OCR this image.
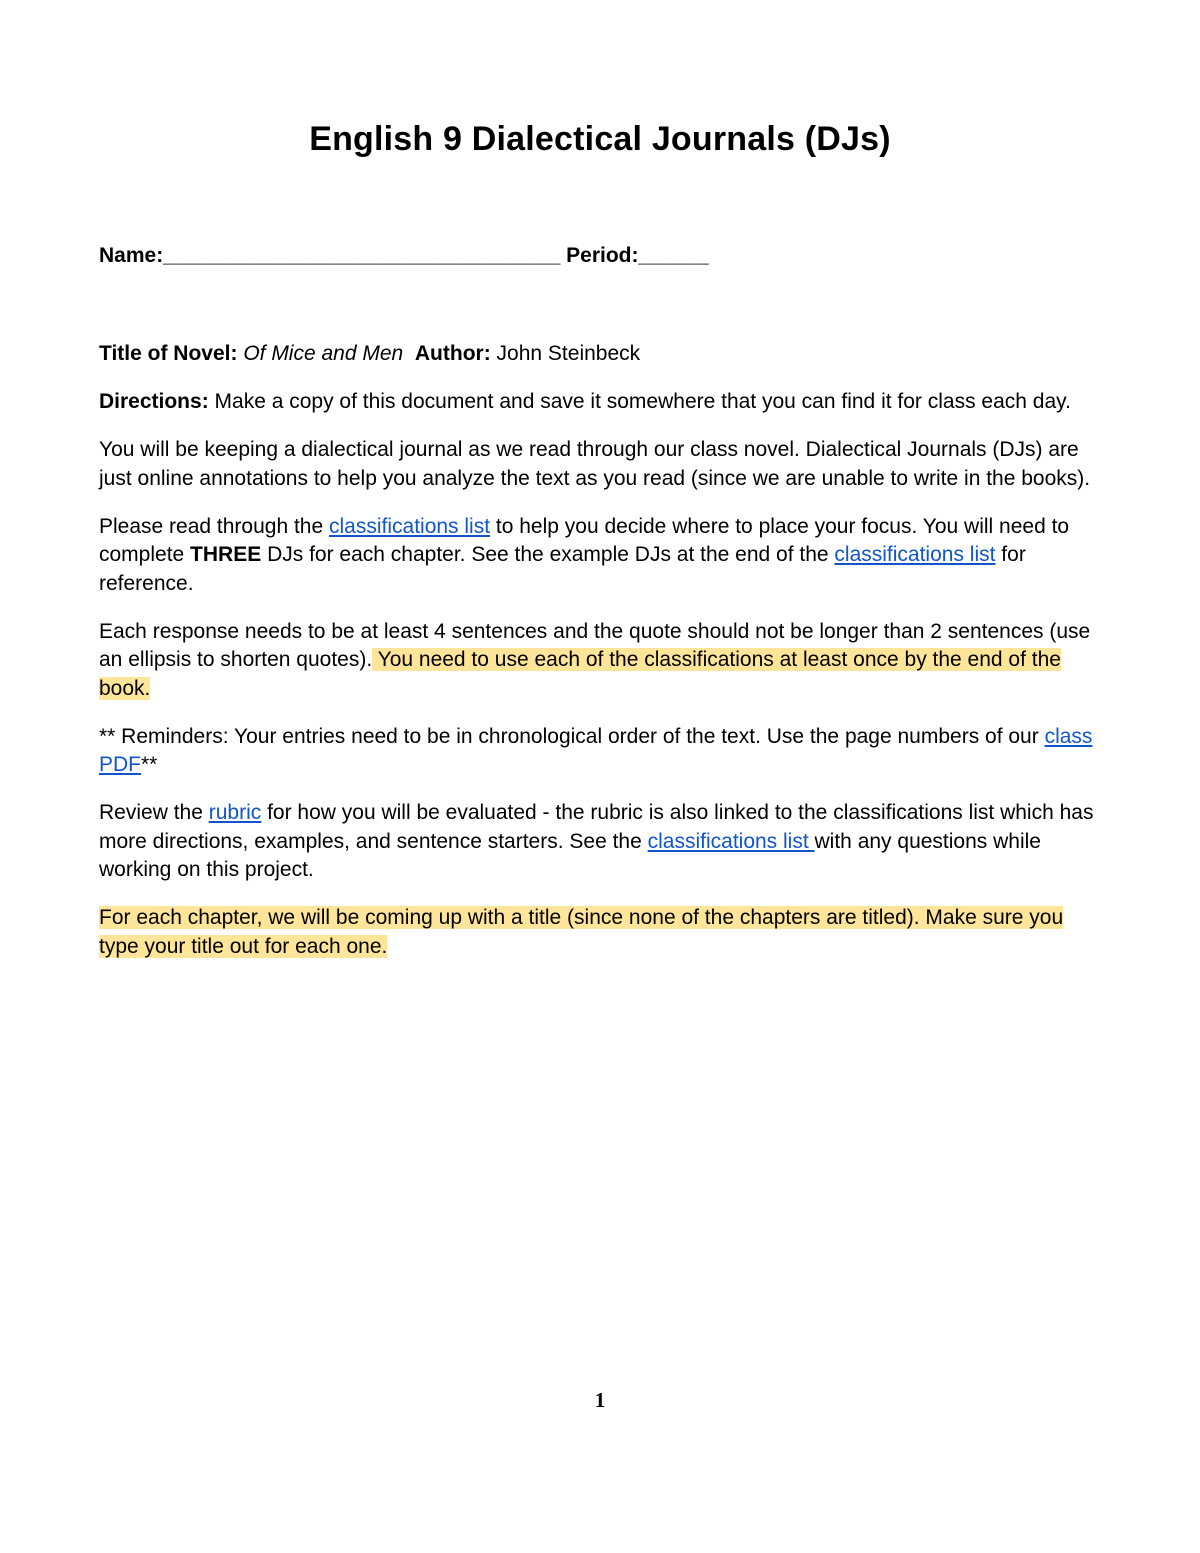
English 9 Dialectical Journals (DJs)
Name:__________________________________ Period:______

Title of Novel: Of Mice and Men Author: John Steinbeck

Directions: Make a copy of this document and save it somewhere that you can find it for class each day.

You will be keeping a dialectical journal as we read through our class novel. Dialectical Journals (DJs) are just online annotations to help you analyze the text as you read (since we are unable to write in the books).

Please read through the classifications list to help you decide where to place your focus. You will need to complete THREE DJs for each chapter. See the example DJs at the end of the classifications list for reference.

Each response needs to be at least 4 sentences and the quote should not be longer than 2 sentences (use an ellipsis to shorten quotes). You need to use each of the classifications at least once by the end of the book.

** Reminders: Your entries need to be in chronological order of the text. Use the page numbers of our class PDF**

Review the rubric for how you will be evaluated - the rubric is also linked to the classifications list which has more directions, examples, and sentence starters. See the classifications list with any questions while working on this project.

For each chapter, we will be coming up with a title (since none of the chapters are titled). Make sure you type your title out for each one.

1
